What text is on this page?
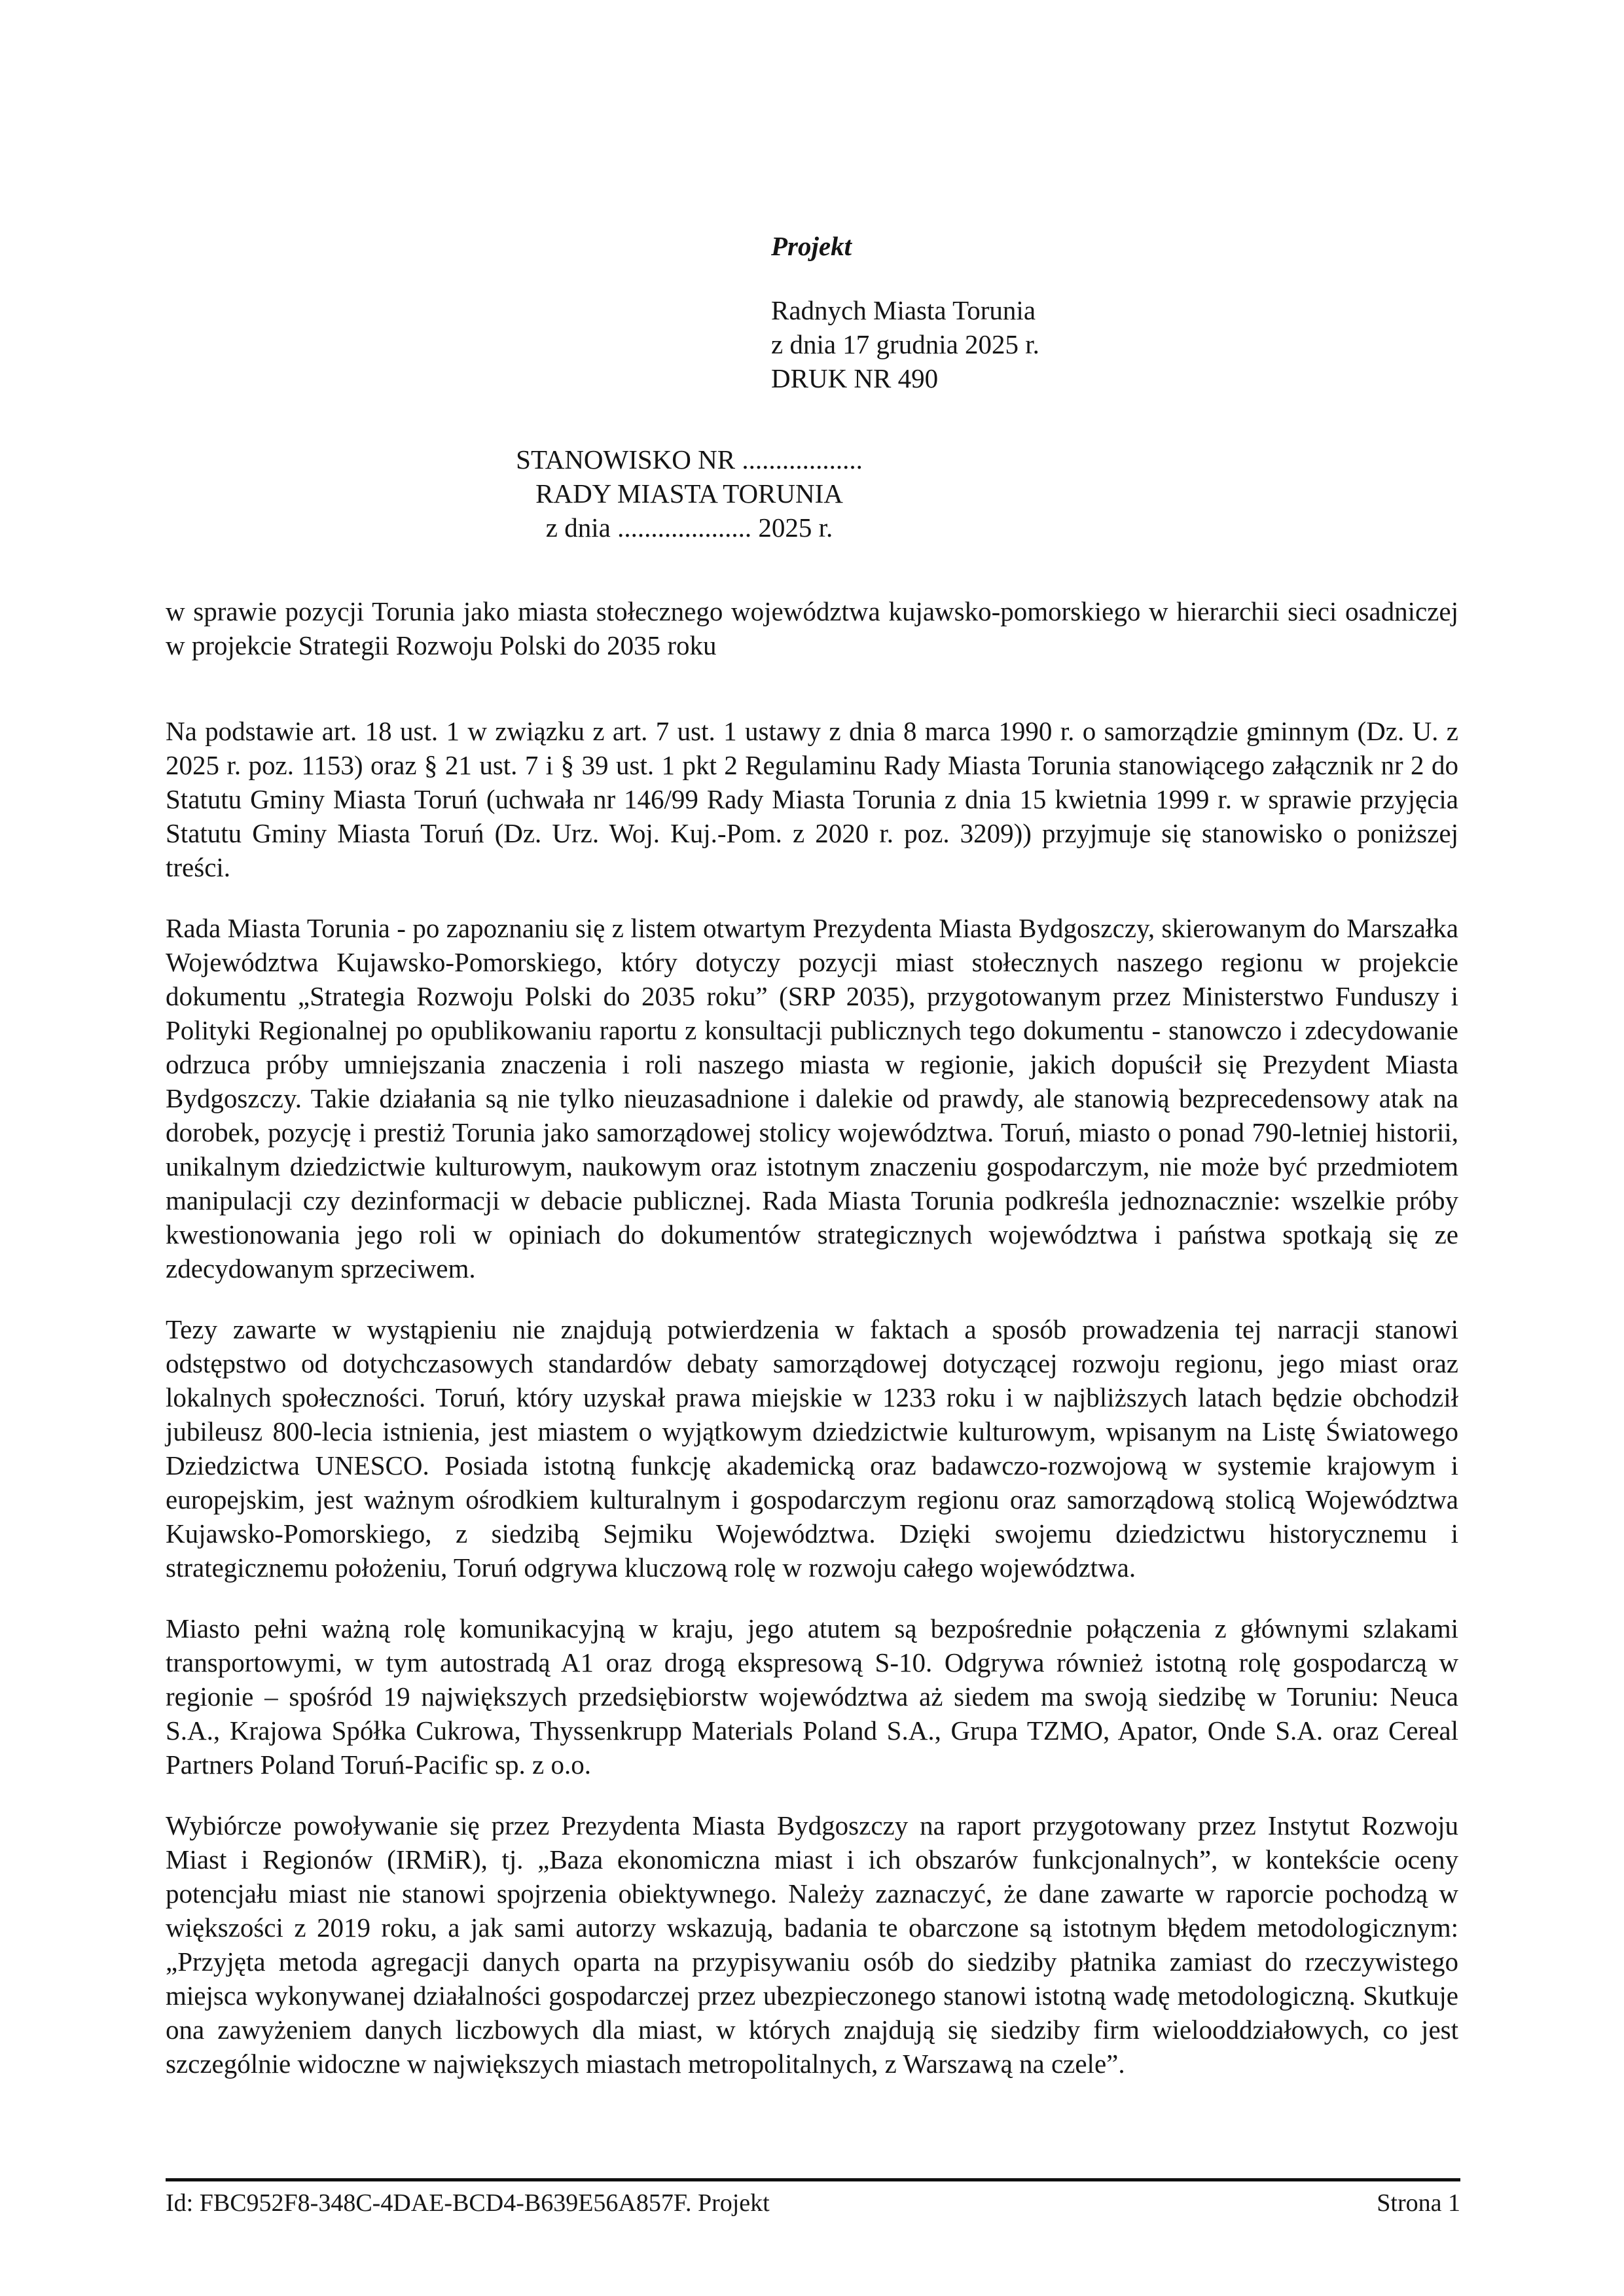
Projekt

Radnych Miasta Torunia

z dnia 17 grudnia 2025 r.

DRUK NR 490

STANOWISKO NR ..................

RADY MIASTA TORUNIA

z dnia .................... 2025 r.

w sprawie pozycji Torunia jako miasta stołecznego województwa kujawsko-pomorskiego w hierarchii sieci osadniczej w projekcie Strategii Rozwoju Polski do 2035 roku

Na podstawie art. 18 ust. 1 w związku z art. 7 ust. 1 ustawy z dnia 8 marca 1990 r. o samorządzie gminnym (Dz. U. z 2025 r. poz. 1153) oraz § 21 ust. 7 i § 39 ust. 1 pkt 2 Regulaminu Rady Miasta Torunia stanowiącego załącznik nr 2 do Statutu Gminy Miasta Toruń (uchwała nr 146/99 Rady Miasta Torunia z dnia 15 kwietnia 1999 r. w sprawie przyjęcia Statutu Gminy Miasta Toruń (Dz. Urz. Woj. Kuj.-Pom. z 2020 r. poz. 3209)) przyjmuje się stanowisko o poniższej treści.

Rada Miasta Torunia - po zapoznaniu się z listem otwartym Prezydenta Miasta Bydgoszczy, skierowanym do Marszałka Województwa Kujawsko-Pomorskiego, który dotyczy pozycji miast stołecznych naszego regionu w projekcie dokumentu „Strategia Rozwoju Polski do 2035 roku” (SRP 2035), przygotowanym przez Ministerstwo Funduszy i Polityki Regionalnej po opublikowaniu raportu z konsultacji publicznych tego dokumentu - stanowczo i zdecydowanie odrzuca próby umniejszania znaczenia i roli naszego miasta w regionie, jakich dopuścił się Prezydent Miasta Bydgoszczy. Takie działania są nie tylko nieuzasadnione i dalekie od prawdy, ale stanowią bezprecedensowy atak na dorobek, pozycję i prestiż Torunia jako samorządowej stolicy województwa. Toruń, miasto o ponad 790-letniej historii, unikalnym dziedzictwie kulturowym, naukowym oraz istotnym znaczeniu gospodarczym, nie może być przedmiotem manipulacji czy dezinformacji w debacie publicznej. Rada Miasta Torunia podkreśla jednoznacznie: wszelkie próby kwestionowania jego roli w opiniach do dokumentów strategicznych województwa i państwa spotkają się ze zdecydowanym sprzeciwem.

Tezy zawarte w wystąpieniu nie znajdują potwierdzenia w faktach a sposób prowadzenia tej narracji stanowi odstępstwo od dotychczasowych standardów debaty samorządowej dotyczącej rozwoju regionu, jego miast oraz lokalnych społeczności. Toruń, który uzyskał prawa miejskie w 1233 roku i w najbliższych latach będzie obchodził jubileusz 800-lecia istnienia, jest miastem o wyjątkowym dziedzictwie kulturowym, wpisanym na Listę Światowego Dziedzictwa UNESCO. Posiada istotną funkcję akademicką oraz badawczo-rozwojową w systemie krajowym i europejskim, jest ważnym ośrodkiem kulturalnym i gospodarczym regionu oraz samorządową stolicą Województwa Kujawsko-Pomorskiego, z siedzibą Sejmiku Województwa. Dzięki swojemu dziedzictwu historycznemu i strategicznemu położeniu, Toruń odgrywa kluczową rolę w rozwoju całego województwa.

Miasto pełni ważną rolę komunikacyjną w kraju, jego atutem są bezpośrednie połączenia z głównymi szlakami transportowymi, w tym autostradą A1 oraz drogą ekspresową S-10. Odgrywa również istotną rolę gospodarczą w regionie – spośród 19 największych przedsiębiorstw województwa aż siedem ma swoją siedzibę w Toruniu: Neuca S.A., Krajowa Spółka Cukrowa, Thyssenkrupp Materials Poland S.A., Grupa TZMO, Apator, Onde S.A. oraz Cereal Partners Poland Toruń-Pacific sp. z o.o.

Wybiórcze powoływanie się przez Prezydenta Miasta Bydgoszczy na raport przygotowany przez Instytut Rozwoju Miast i Regionów (IRMiR), tj. „Baza ekonomiczna miast i ich obszarów funkcjonalnych”, w kontekście oceny potencjału miast nie stanowi spojrzenia obiektywnego. Należy zaznaczyć, że dane zawarte w raporcie pochodzą w większości z 2019 roku, a jak sami autorzy wskazują, badania te obarczone są istotnym błędem metodologicznym: „Przyjęta metoda agregacji danych oparta na przypisywaniu osób do siedziby płatnika zamiast do rzeczywistego miejsca wykonywanej działalności gospodarczej przez ubezpieczonego stanowi istotną wadę metodologiczną. Skutkuje ona zawyżeniem danych liczbowych dla miast, w których znajdują się siedziby firm wielooddziałowych, co jest szczególnie widoczne w największych miastach metropolitalnych, z Warszawą na czele”.

Id: FBC952F8-348C-4DAE-BCD4-B639E56A857F. Projekt	Strona 1
